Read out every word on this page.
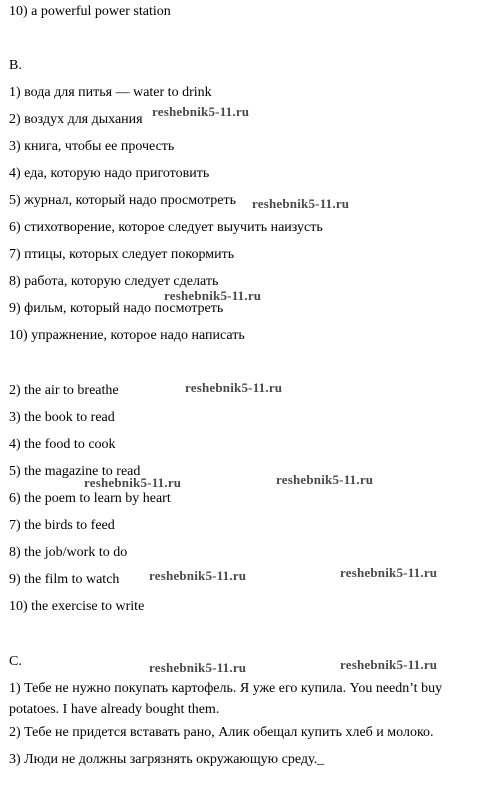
10) a powerful power station
B.
1) вода для питья — water to drink
2) воздух для дыхания
3) книга, чтобы ее прочесть
4) еда, которую надо приготовить
5) журнал, который надо просмотреть
6) стихотворение, которое следует выучить наизусть
7) птицы, которых следует покормить
8) работа, которую следует сделать
9) фильм, который надо посмотреть
10) упражнение, которое надо написать
2) the air to breathe
3) the book to read
4) the food to cook
5) the magazine to read
6) the poem to learn by heart
7) the birds to feed
8) the job/work to do
9) the film to watch
10) the exercise to write
C.
1) Тебе не нужно покупать картофель. Я уже его купила. You needn’t buy potatoes. I have already bought them.
2) Тебе не придется вставать рано, Алик обещал купить хлеб и молоко.
3) Люди не должны загрязнять окружающую среду._
reshebnik5-11.ru
reshebnik5-11.ru
reshebnik5-11.ru
reshebnik5-11.ru
reshebnik5-11.ru	reshebnik5-11.ru
reshebnik5-11.ru	reshebnik5-11.ru
reshebnik5-11.ru	reshebnik5-11.ru
